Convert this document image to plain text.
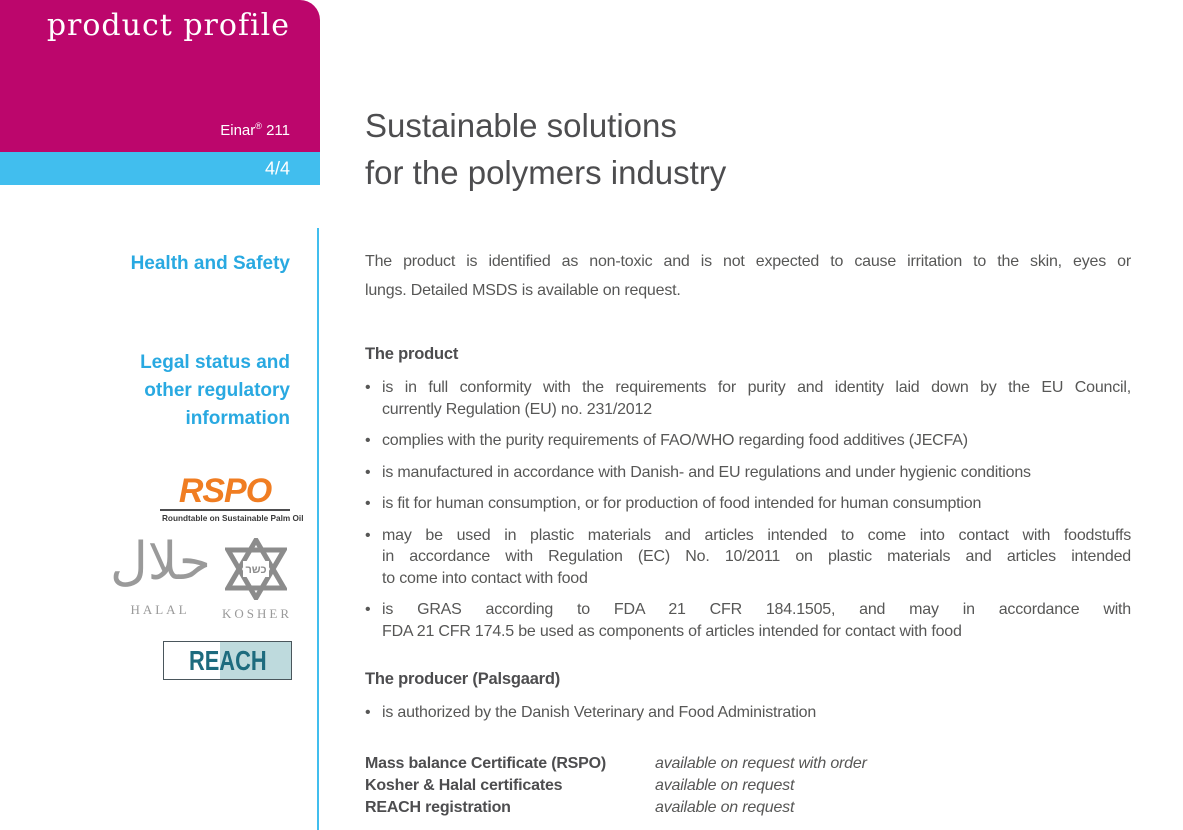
product profile
Einar® 211
4/4
Sustainable solutions
for the polymers industry
Health and Safety
Legal status and
other regulatory
information
RSPO
Roundtable on Sustainable Palm Oil
حلال
HALAL
כשר
KOSHER
REACH
The product is identified as non-toxic and is not expected to cause irritation to the skin, eyes or
lungs. Detailed MSDS is available on request.

The product

• is in full conformity with the requirements for purity and identity laid down by the EU Council,
currently Regulation (EU) no. 231/2012
• complies with the purity requirements of FAO/WHO regarding food additives (JECFA)
• is manufactured in accordance with Danish- and EU regulations and under hygienic conditions
• is fit for human consumption, or for production of food intended for human consumption
• may be used in plastic materials and articles intended to come into contact with foodstuffs
in accordance with Regulation (EC) No. 10/2011 on plastic materials and articles intended
to come into contact with food
• is GRAS according to FDA 21 CFR 184.1505, and may in accordance with
FDA 21 CFR 174.5 be used as components of articles intended for contact with food

The producer (Palsgaard)

• is authorized by the Danish Veterinary and Food Administration
Mass balance Certificate (RSPO)	available on request with order
Kosher & Halal certificates	available on request
REACH registration	available on request
